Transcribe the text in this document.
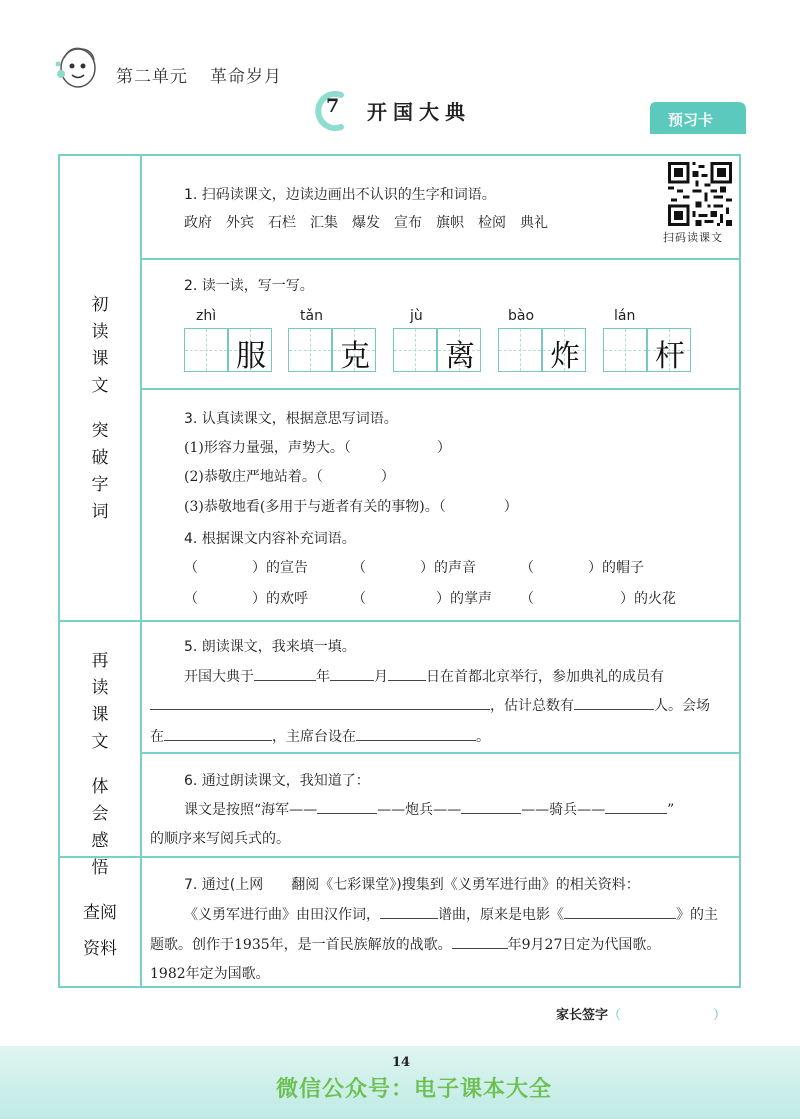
第二单元 革命岁月
7 开国大典	预习卡
初
读
课
文
突
破
字
词
再
读
课
文
体
会
感
悟
查阅
资料
1. 扫码读课文，边读边画出不认识的生字和词语。
政府　外宾　石栏　汇集　爆发　宣布　旗帜　检阅　典礼
扫码读课文
2. 读一读，写一写。
zhì	tǎn	jù	bào	lán
服 克	离	炸	杆
3. 认真读课文，根据意思写词语。
(1)形容力量强，声势大。（	）
(2)恭敬庄严地站着。（	）
(3)恭敬地看(多用于与逝者有关的事物)。（	）
4. 根据课文内容补充词语。
（	）的宣告	（	）的声音	（	）的帽子
（	）的欢呼	（	）的掌声 （	）的火花
5. 朗读课文，我来填一填。
开国大典于	年	月	日在首都北京举行，参加典礼的成员有
，估计总数有	人。会场
在	，主席台设在	。
6. 通过朗读课文，我知道了：
课文是按照“海军——	——炮兵——	——骑兵——	”
的顺序来写阅兵式的。
7. 通过(上网　　翻阅《七彩课堂》)搜集到《义勇军进行曲》的相关资料：
《义勇军进行曲》由田汉作词，	谱曲，原来是电影《	》的主
题歌。创作于1935年，是一首民族解放的战歌。	年9月27日定为代国歌。
1982年定为国歌。
家长签字（	）
14
微信公众号：电子课本大全
